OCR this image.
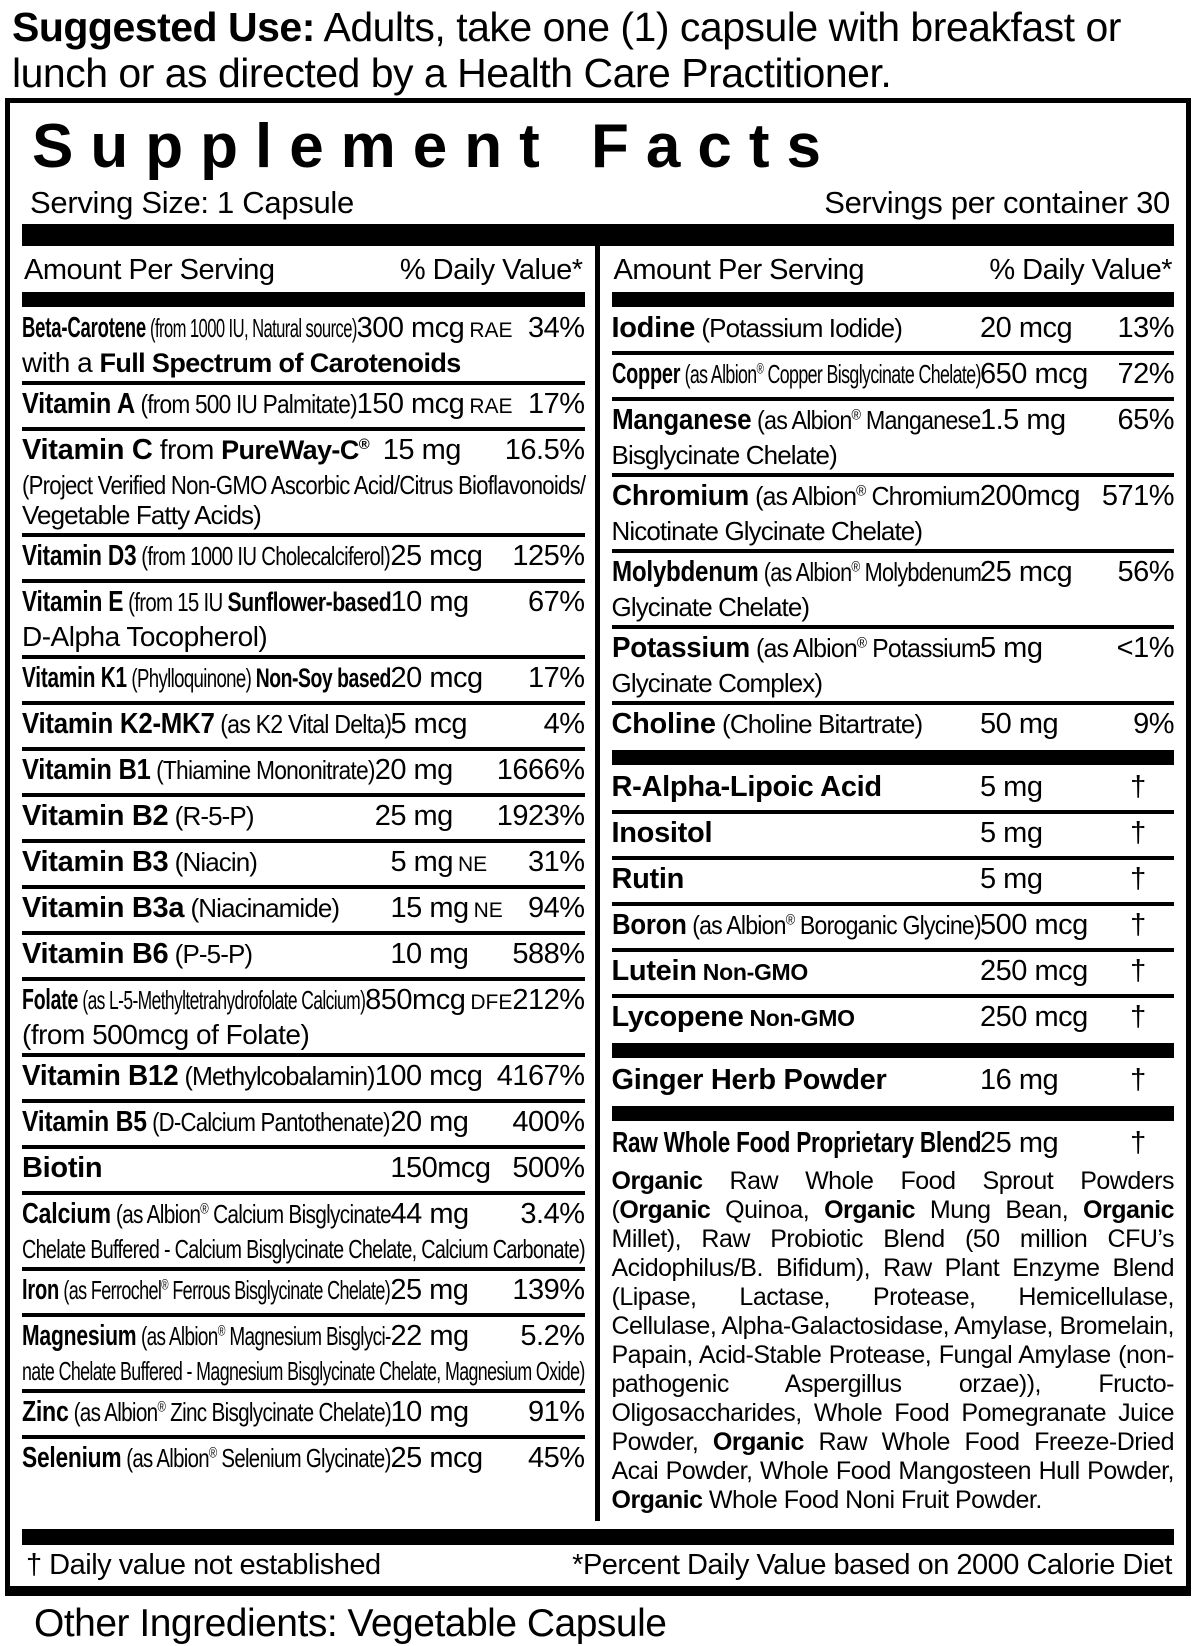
Suggested Use: Adults, take one (1) capsule with breakfast or
lunch or as directed by a Health Care Practitioner.
Supplement Facts
Serving Size: 1 Capsule	Servings per container 30
Amount Per Serving	% Daily Value*
Beta-Carotene (from 1000 IU, Natural source) 300 mcg RAE 34%
with a Full Spectrum of Carotenoids
Vitamin A (from 500 IU Palmitate) 150 mcg RAE 17%
Vitamin C from PureWay-C® 15 mg	16.5%
(Project Verified Non-GMO Ascorbic Acid/Citrus Bioflavonoids/
Vegetable Fatty Acids)
Vitamin D3 (from 1000 IU Cholecalciferol) 25 mcg	125%
Vitamin E (from 15 IU Sunflower-based 10 mg	67%
D-Alpha Tocopherol)
Vitamin K1 (Phylloquinone) Non-Soy based 20 mcg	17%
Vitamin K2-MK7 (as K2 Vital Delta) 5 mcg	4%
Vitamin B1 (Thiamine Mononitrate) 20 mg	1666%
Vitamin B2 (R-5-P)	25 mg	1923%
Vitamin B3 (Niacin)	5 mg NE	31%
Vitamin B3a (Niacinamide)	15 mg NE 94%
Vitamin B6 (P-5-P)	10 mg	588%
Folate (as L-5-Methyltetrahydrofolate Calcium) 850mcg DFE 212%
(from 500mcg of Folate)
Vitamin B12 (Methylcobalamin) 100 mcg 4167%
Vitamin B5 (D-Calcium Pantothenate) 20 mg	400%
Biotin	150mcg 500%
Calcium (as Albion® Calcium Bisglycinate 44 mg	3.4%
Chelate Buffered - Calcium Bisglycinate Chelate, Calcium Carbonate)
Iron (as Ferrochel® Ferrous Bisglycinate Chelate) 25 mg	139%
Magnesium (as Albion® Magnesium Bisglyci- 22 mg	5.2%
nate Chelate Buffered - Magnesium Bisglycinate Chelate, Magnesium Oxide)
Zinc (as Albion® Zinc Bisglycinate Chelate) 10 mg	91%
Selenium (as Albion® Selenium Glycinate) 25 mcg	45%
Amount Per Serving	% Daily Value*
Iodine (Potassium Iodide)	20 mcg	13%
Copper (as Albion® Copper Bisglycinate Chelate) 650 mcg	72%
Manganese (as Albion® Manganese 1.5 mg	65%
Bisglycinate Chelate)
Chromium (as Albion® Chromium 200mcg 571%
Nicotinate Glycinate Chelate)
Molybdenum (as Albion® Molybdenum 25 mcg	56%
Glycinate Chelate)
Potassium (as Albion® Potassium 5 mg	<1%
Glycinate Complex)
Choline (Choline Bitartrate)	50 mg	9%
R-Alpha-Lipoic Acid	5 mg	†
Inositol	5 mg	†
Rutin	5 mg	†
Boron (as Albion® Boroganic Glycine) 500 mcg	†
Lutein Non-GMO	250 mcg	†
Lycopene Non-GMO	250 mcg	†
Ginger Herb Powder	16 mg	†
Raw Whole Food Proprietary Blend 25 mg	†
Organic Raw Whole Food Sprout Powders (Organic Quinoa, Organic Mung Bean, Organic Millet), Raw Probiotic Blend (50 million CFU’s Acidophilus/B. Bifidum), Raw Plant Enzyme Blend (Lipase, Lactase, Protease, Hemicellulase, Cellulase, Alpha-Galactosidase, Amylase, Bromelain, Papain, Acid-Stable Protease, Fungal Amylase (non-pathogenic Aspergillus orzae)), Fructo-Oligosaccharides, Whole Food Pomegranate Juice Powder, Organic Raw Whole Food Freeze-Dried Acai Powder, Whole Food Mangosteen Hull Powder, Organic Whole Food Noni Fruit Powder.
† Daily value not established	*Percent Daily Value based on 2000 Calorie Diet
Other Ingredients: Vegetable Capsule
